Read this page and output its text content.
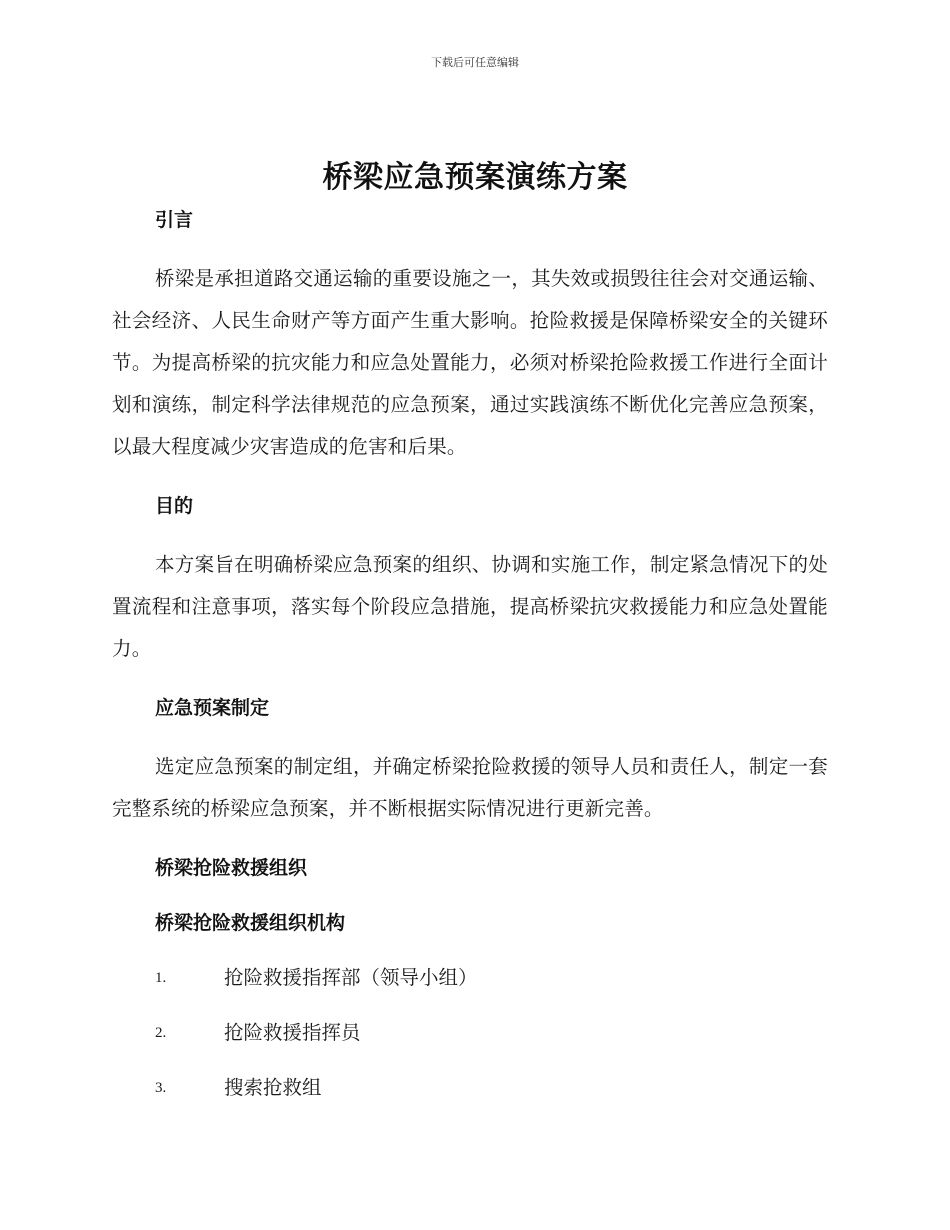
下载后可任意编辑
桥梁应急预案演练方案
引言

桥梁是承担道路交通运输的重要设施之一，其失效或损毁往往会对交通运输、社会经济、人民生命财产等方面产生重大影响。抢险救援是保障桥梁安全的关键环节。为提高桥梁的抗灾能力和应急处置能力，必须对桥梁抢险救援工作进行全面计划和演练，制定科学法律规范的应急预案，通过实践演练不断优化完善应急预案，以最大程度减少灾害造成的危害和后果。

目的

本方案旨在明确桥梁应急预案的组织、协调和实施工作，制定紧急情况下的处置流程和注意事项，落实每个阶段应急措施，提高桥梁抗灾救援能力和应急处置能力。

应急预案制定

选定应急预案的制定组，并确定桥梁抢险救援的领导人员和责任人，制定一套完整系统的桥梁应急预案，并不断根据实际情况进行更新完善。

桥梁抢险救援组织
桥梁抢险救援组织机构
1.	抢险救援指挥部（领导小组）
2.	抢险救援指挥员
3.	搜索抢救组
